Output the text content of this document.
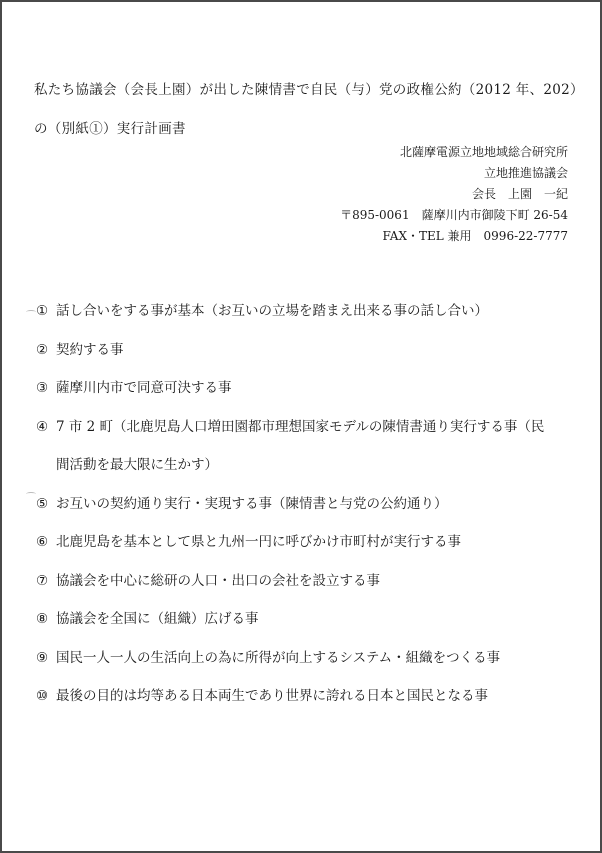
私たち協議会（会長上園）が出した陳情書で自民（与）党の政権公約（2012 年、202）
の（別紙①）実行計画書
北薩摩電源立地地域総合研究所
立地推進協議会
会長　上園　一紀
〒895-0061　薩摩川内市御陵下町 26-54
FAX・TEL 兼用　0996-22-7777
① 話し合いをする事が基本（お互いの立場を踏まえ出来る事の話し合い）
② 契約する事
③ 薩摩川内市で同意可決する事
④ 7 市 2 町（北鹿児島人口増田園都市理想国家モデルの陳情書通り実行する事（民
間活動を最大限に生かす）
⑤ お互いの契約通り実行・実現する事（陳情書と与党の公約通り）
⑥ 北鹿児島を基本として県と九州一円に呼びかけ市町村が実行する事
⑦ 協議会を中心に総研の人口・出口の会社を設立する事
⑧ 協議会を全国に（組織）広げる事
⑨ 国民一人一人の生活向上の為に所得が向上するシステム・組織をつくる事
⑩ 最後の目的は均等ある日本両生であり世界に誇れる日本と国民となる事
